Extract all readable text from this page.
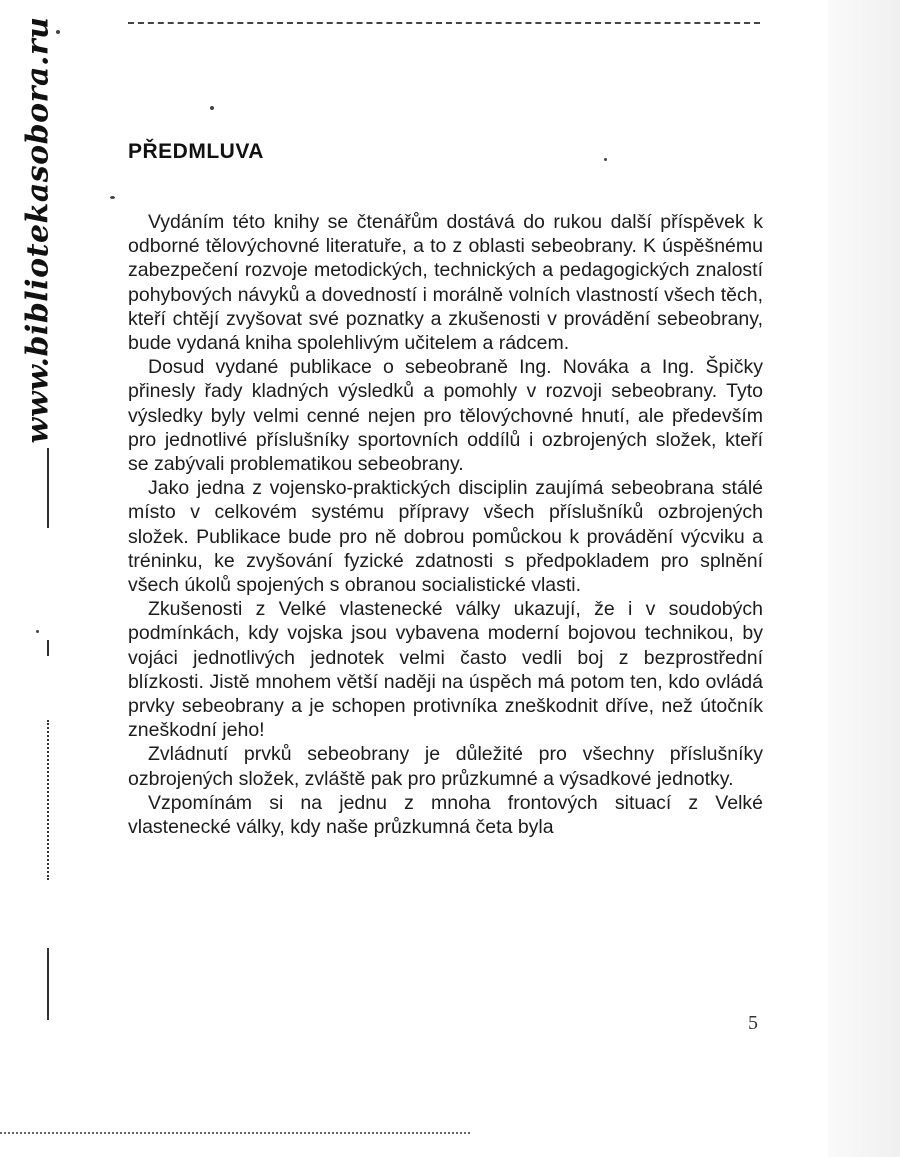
www.bibliotekasobora.ru	PŘEDMLUVA

Vydáním této knihy se čtenářům dostává do rukou další příspěvek k odborné tělovýchovné literatuře, a to z oblasti sebeobrany. K úspěšnému zabezpečení rozvoje metodických, technických a pedagogických znalostí pohybových návyků a dovedností i morálně volních vlastností všech těch, kteří chtějí zvyšovat své poznatky a zkušenosti v provádění sebeobrany, bude vydaná kniha spolehlivým učitelem a rádcem.

Dosud vydané publikace o sebeobraně Ing. Nováka a Ing. Špičky přinesly řady kladných výsledků a pomohly v rozvoji sebeobrany. Tyto výsledky byly velmi cenné nejen pro tělovýchovné hnutí, ale především pro jednotlivé příslušníky sportovních oddílů i ozbrojených složek, kteří se zabývali problematikou sebeobrany.

Jako jedna z vojensko-praktických disciplin zaujímá sebeobrana stálé místo v celkovém systému přípravy všech příslušníků ozbrojených složek. Publikace bude pro ně dobrou pomůckou k provádění výcviku a tréninku, ke zvyšování fyzické zdatnosti s předpokladem pro splnění všech úkolů spojených s obranou socialistické vlasti.

Zkušenosti z Velké vlastenecké války ukazují, že i v soudobých podmínkách, kdy vojska jsou vybavena moderní bojovou technikou, by vojáci jednotlivých jednotek velmi často vedli boj z bezprostřední blízkosti. Jistě mnohem větší naději na úspěch má potom ten, kdo ovládá prvky sebeobrany a je schopen protivníka zneškodnit dříve, než útočník zneškodní jeho!

Zvládnutí prvků sebeobrany je důležité pro všechny příslušníky ozbrojených složek, zvláště pak pro průzkumné a výsadkové jednotky.

Vzpomínám si na jednu z mnoha frontových situací z Velké vlastenecké války, kdy naše průzkumná četa byla

5
